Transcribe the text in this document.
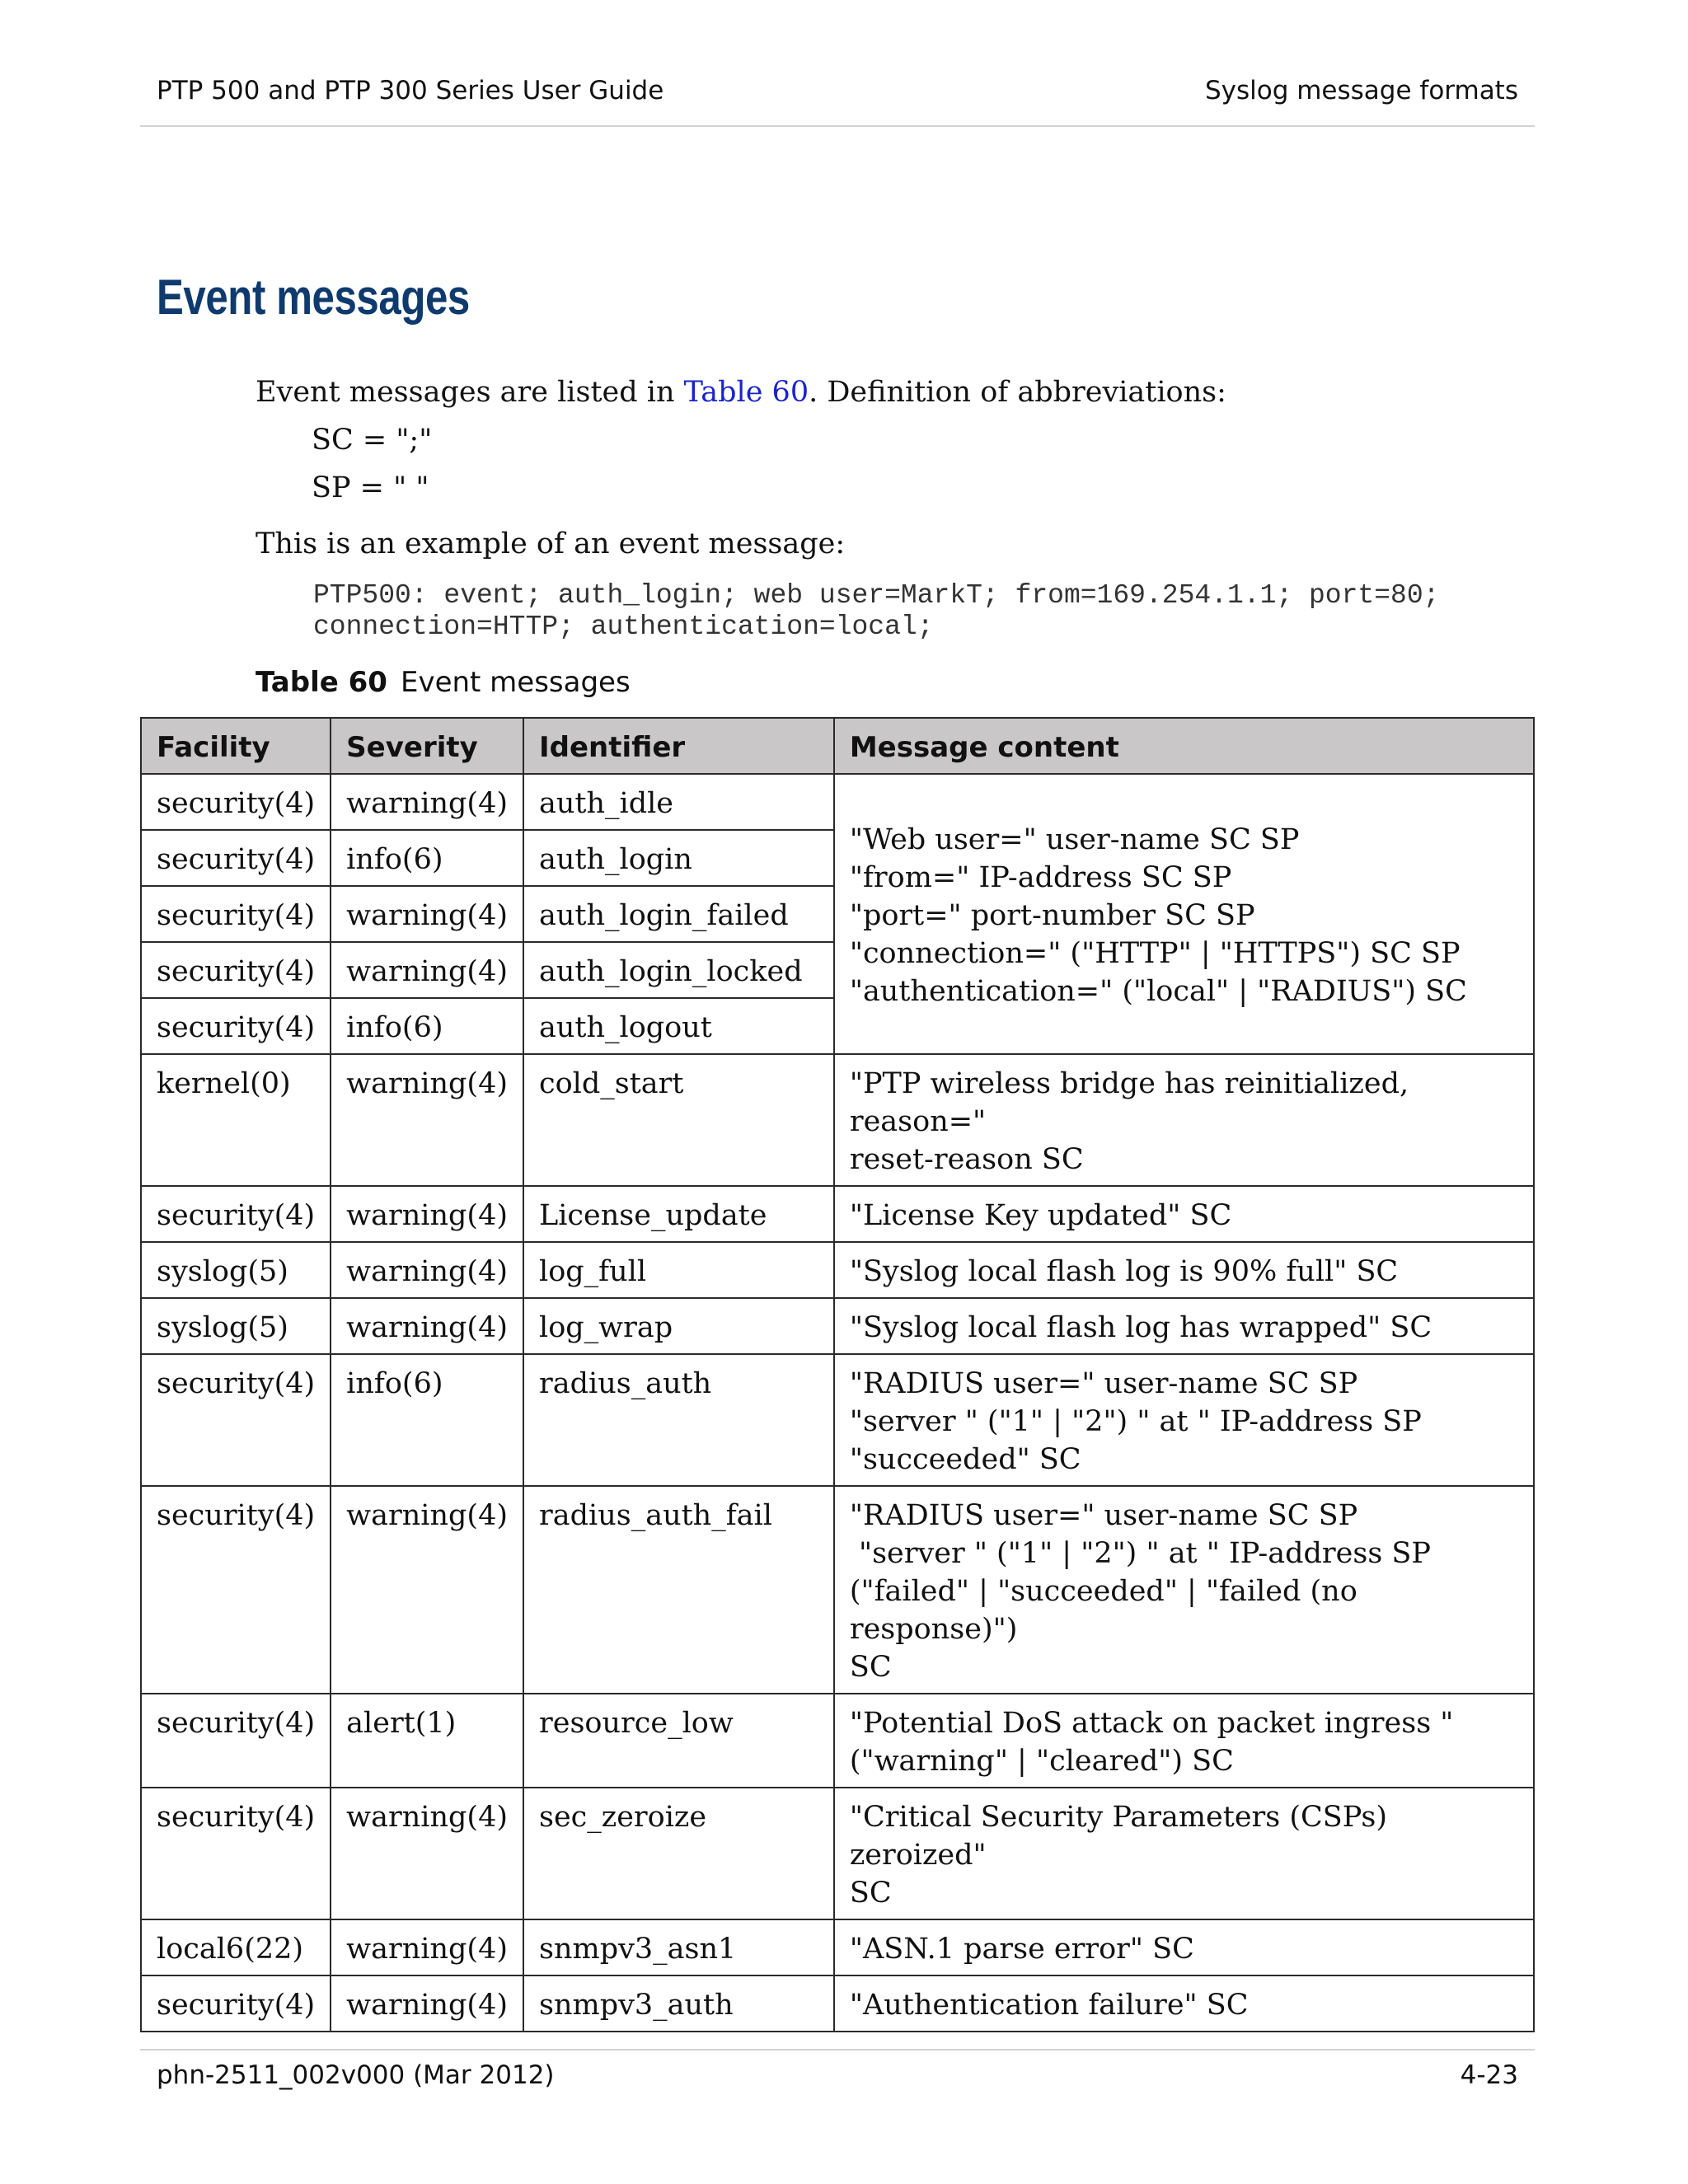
PTP 500 and PTP 300 Series User Guide	Syslog message formats
Event messages
Event messages are listed in Table 60. Definition of abbreviations:
SC = ";"
SP = " "
This is an example of an event message:
PTP500: event; auth_login; web user=MarkT; from=169.254.1.1; port=80;
connection=HTTP; authentication=local;
Table 60 Event messages
Facility	Severity	Identifier	Message content
security(4)	warning(4)	auth_idle	"Web user=" user-name SC SP
"from=" IP-address SC SP
"port=" port-number SC SP
"connection=" ("HTTP" | "HTTPS") SC SP
"authentication=" ("local" | "RADIUS") SC

security(4)	info(6)	auth_login	
security(4)	warning(4)	auth_login_failed	
security(4)	warning(4)	auth_login_locked	
security(4)	info(6)	auth_logout	
kernel(0)	warning(4)	cold_start	"PTP wireless bridge has reinitialized,
reason="
reset-reason SC

security(4)	warning(4)	License_update	"License Key updated" SC

syslog(5)	warning(4)	log_full	"Syslog local flash log is 90% full" SC

syslog(5)	warning(4)	log_wrap	"Syslog local flash log has wrapped" SC

security(4)	info(6)	radius_auth	"RADIUS user=" user-name SC SP
"server " ("1" | "2") " at " IP-address SP
"succeeded" SC

security(4)	warning(4)	radius_auth_fail	"RADIUS user=" user-name SC SP
"server " ("1" | "2") " at " IP-address SP
("failed" | "succeeded" | "failed (no response)")
SC

security(4)	alert(1)	resource_low	"Potential DoS attack on packet ingress "
("warning" | "cleared") SC

security(4)	warning(4)	sec_zeroize	"Critical Security Parameters (CSPs) zeroized"
SC

local6(22)	warning(4)	snmpv3_asn1	"ASN.1 parse error" SC

security(4)	warning(4)	snmpv3_auth	"Authentication failure" SC
phn-2511_002v000 (Mar 2012)	4-23
